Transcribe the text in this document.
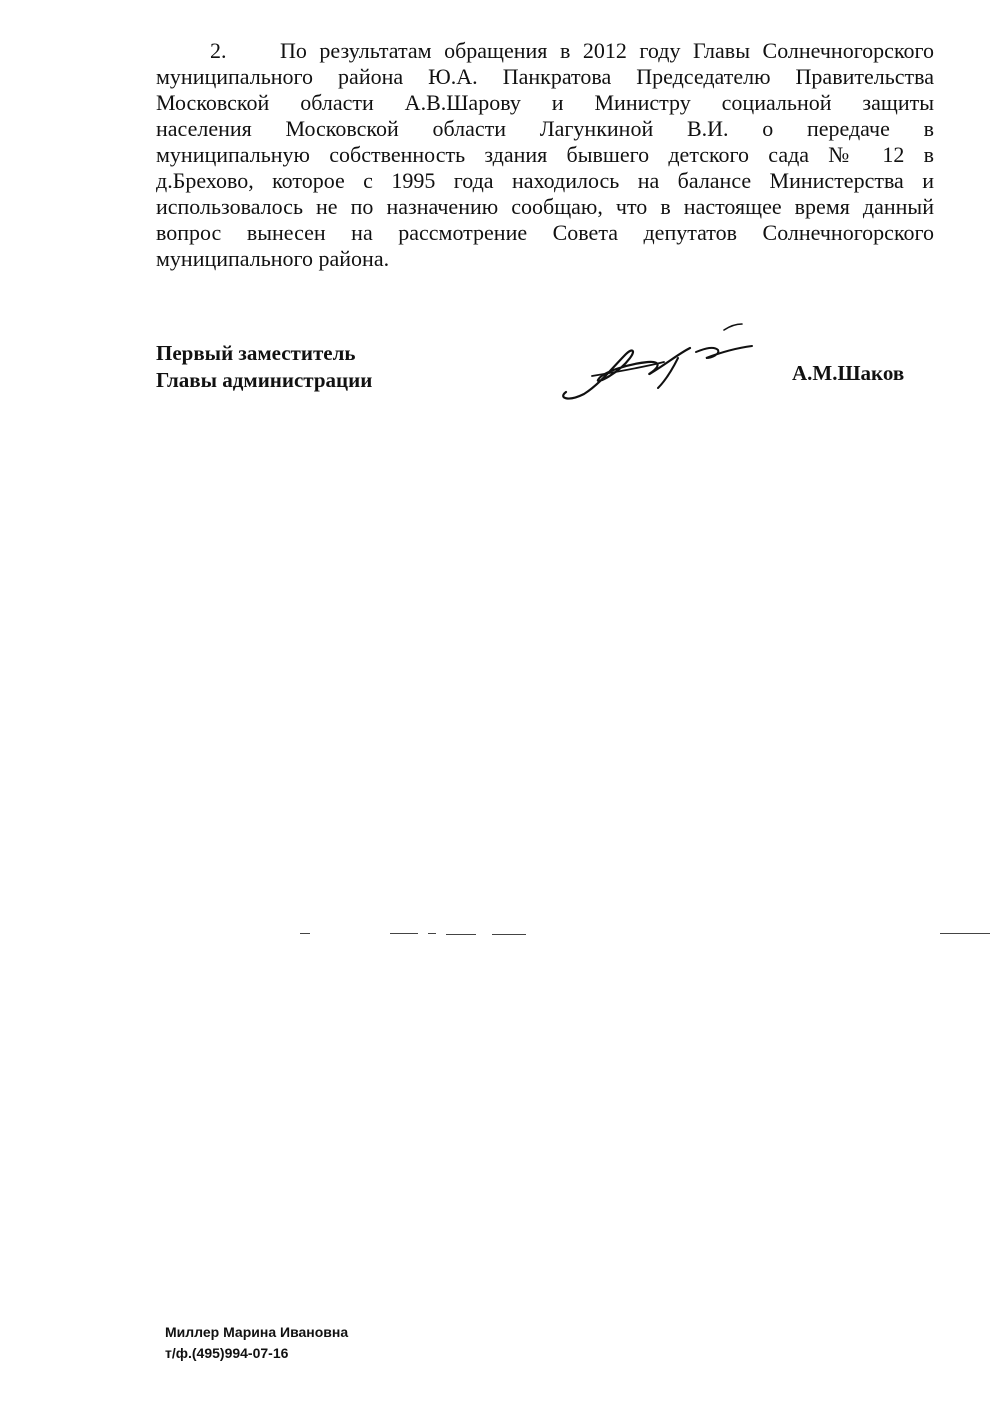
2. По результатам обращения в 2012 году Главы Солнечногорского
муниципального района Ю.А. Панкратова Председателю Правительства
Московской области А.В.Шарову и Министру социальной защиты
населения Московской области Лагункиной В.И. о передаче в
муниципальную собственность здания бывшего детского сада № 12 в
д.Брехово, которое с 1995 года находилось на балансе Министерства и
использовалось не по назначению сообщаю, что в настоящее время данный
вопрос вынесен на рассмотрение Совета депутатов Солнечногорского
муниципального района.
Первый заместитель
Главы администрации	А.М.Шаков
Миллер Марина Ивановна
т/ф.(495)994-07-16
